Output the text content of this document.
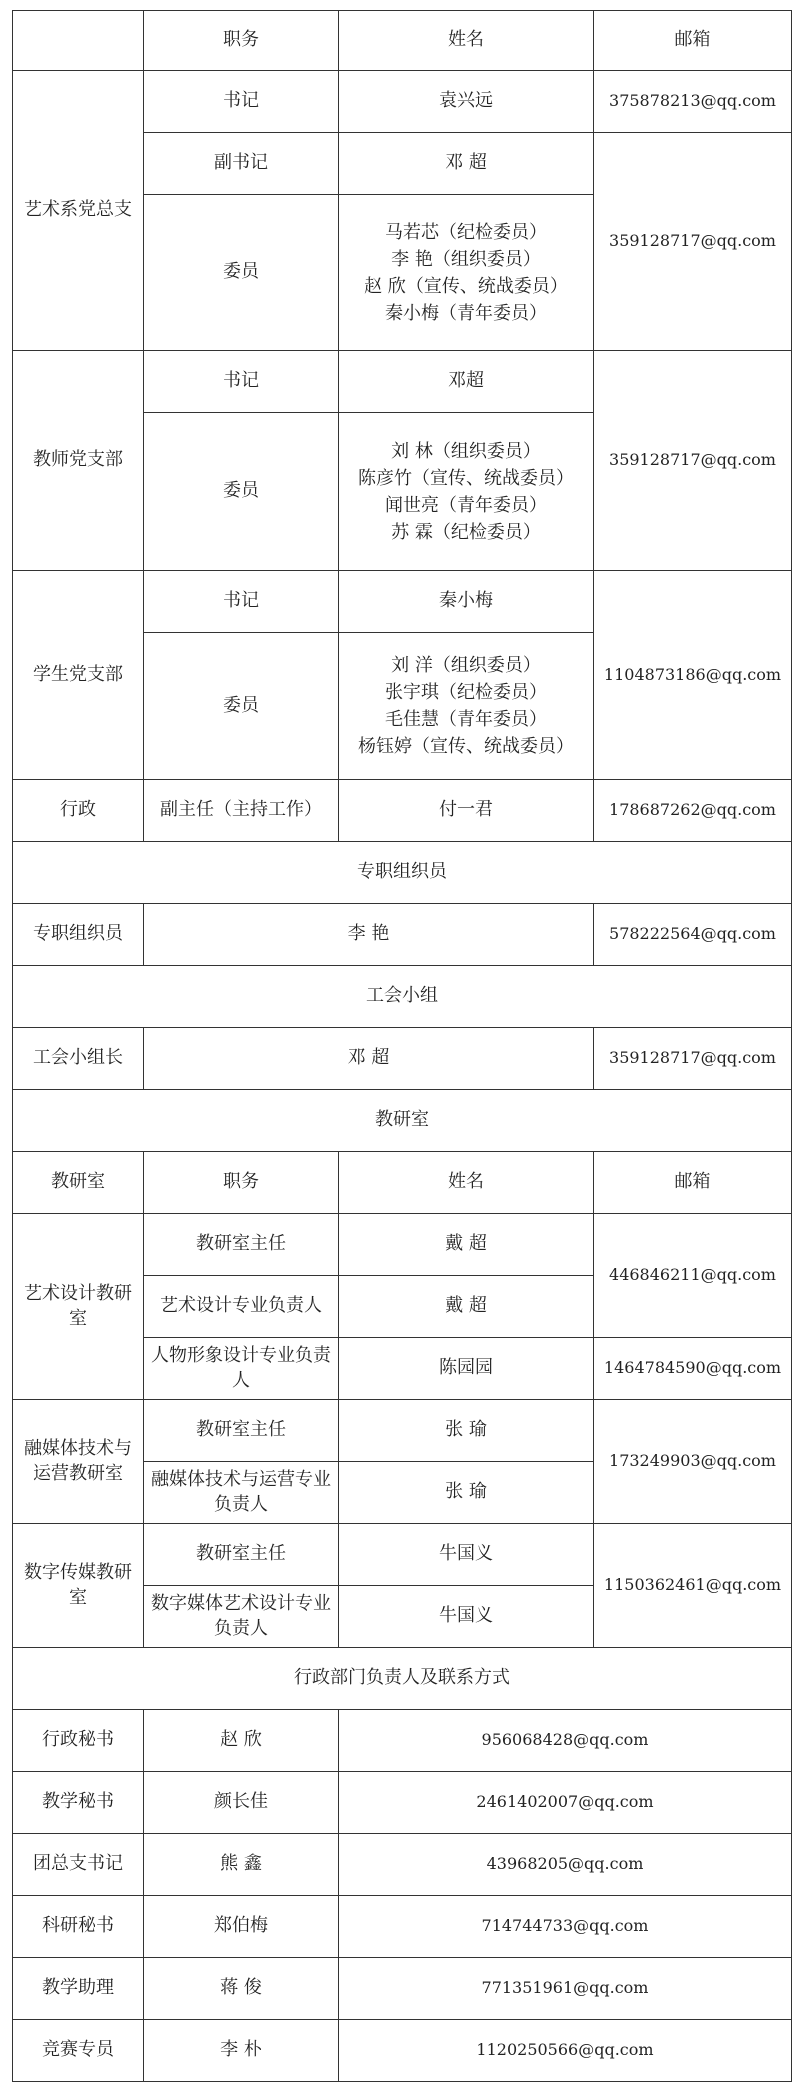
	职务	姓名	邮箱
艺术系党总支	书记	袁兴远	375878213@qq.com
	副书记	邓 超	359128717@qq.com
	委员	马若芯（纪检委员）
李 艳（组织委员）
赵 欣（宣传、统战委员）
秦小梅（青年委员）	

教师党支部	书记	邓超	359128717@qq.com
	委员	刘 林（组织委员）
陈彦竹（宣传、统战委员）
闻世亮（青年委员）
苏 霖（纪检委员）	

学生党支部	书记	秦小梅	1104873186@qq.com
	委员	刘 洋（组织委员）
张宇琪（纪检委员）
毛佳慧（青年委员）
杨钰婷（宣传、统战委员）	

行政	副主任（主持工作）	付一君	178687262@qq.com
专职组织员			
专职组织员	李 艳		578222564@qq.com
工会小组			
工会小组长	邓 超		359128717@qq.com
教研室			
教研室	职务	姓名	邮箱
艺术设计教研室	教研室主任	戴 超	446846211@qq.com
	艺术设计专业负责人	戴 超	
	人物形象设计专业负责人	陈园园	1464784590@qq.com
融媒体技术与运营教研室	教研室主任	张 瑜	173249903@qq.com
	融媒体技术与运营专业负责人	张 瑜	
数字传媒教研室	教研室主任	牛国义	1150362461@qq.com
	数字媒体艺术设计专业负责人	牛国义	
行政部门负责人及联系方式			
行政秘书	赵 欣	956068428@qq.com	
教学秘书	颜长佳	2461402007@qq.com	
团总支书记	熊 鑫	43968205@qq.com	
科研秘书	郑伯梅	714744733@qq.com	
教学助理	蒋 俊	771351961@qq.com	
竞赛专员	李 朴	1120250566@qq.com	
